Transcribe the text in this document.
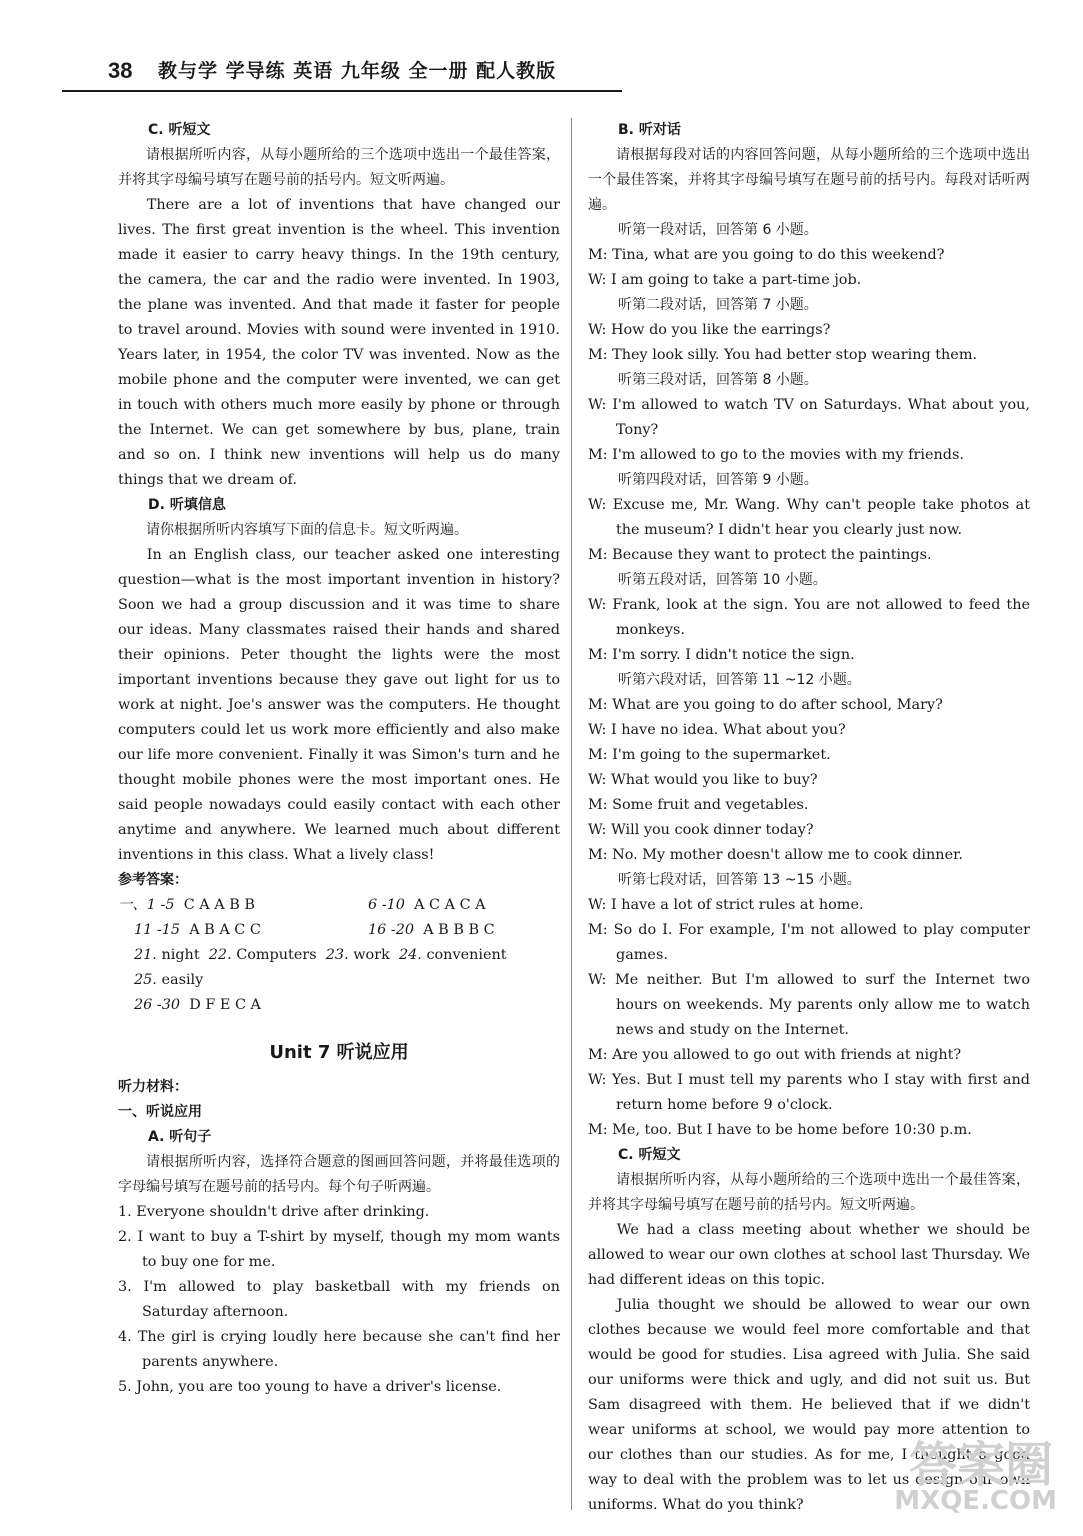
38 教与学 学导练 英语 九年级 全一册 配人教版

C. 听短文

请根据所听内容，从每小题所给的三个选项中选出一个最佳答案，并将其字母编号填写在题号前的括号内。短文听两遍。

There are a lot of inventions that have changed our lives. The first great invention is the wheel. This invention made it easier to carry heavy things. In the 19th century, the camera, the car and the radio were invented. In 1903, the plane was invented. And that made it faster for people to travel around. Movies with sound were invented in 1910. Years later, in 1954, the color TV was invented. Now as the mobile phone and the computer were invented, we can get in touch with others much more easily by phone or through the Internet. We can get somewhere by bus, plane, train and so on. I think new inventions will help us do many things that we dream of.

D. 听填信息

请你根据所听内容填写下面的信息卡。短文听两遍。

In an English class, our teacher asked one interesting question—what is the most important invention in history? Soon we had a group discussion and it was time to share our ideas. Many classmates raised their hands and shared their opinions. Peter thought the lights were the most important inventions because they gave out light for us to work at night. Joe's answer was the computers. He thought computers could let us work more efficiently and also make our life more convenient. Finally it was Simon's turn and he thought mobile phones were the most important ones. He said people nowadays could easily contact with each other anytime and anywhere. We learned much about different inventions in this class. What a lively class!

参考答案：

一、1 -5 C A A B B	6 -10 A C A C A
11 -15 A B A C C	16 -20 A B B B C
21. night
22. Computers
23. work
24. convenient
25. easily
26 -30 D F E C A

Unit 7 听说应用

听力材料：

一、听说应用

A. 听句子

请根据所听内容，选择符合题意的图画回答问题，并将最佳选项的字母编号填写在题号前的括号内。每个句子听两遍。

1. Everyone shouldn't drive after drinking.

2. I want to buy a T-shirt by myself, though my mom wants to buy one for me.

3. I'm allowed to play basketball with my friends on Saturday afternoon.

4. The girl is crying loudly here because she can't find her parents anywhere.

5. John, you are too young to have a driver's license.

B. 听对话

请根据每段对话的内容回答问题，从每小题所给的三个选项中选出一个最佳答案，并将其字母编号填写在题号前的括号内。每段对话听两遍。

听第一段对话，回答第 6 小题。

M: Tina, what are you going to do this weekend?

W: I am going to take a part-time job.

听第二段对话，回答第 7 小题。

W: How do you like the earrings?

M: They look silly. You had better stop wearing them.

听第三段对话，回答第 8 小题。

W: I'm allowed to watch TV on Saturdays. What about you, Tony?

M: I'm allowed to go to the movies with my friends.

听第四段对话，回答第 9 小题。

W: Excuse me, Mr. Wang. Why can't people take photos at the museum? I didn't hear you clearly just now.

M: Because they want to protect the paintings.

听第五段对话，回答第 10 小题。

W: Frank, look at the sign. You are not allowed to feed the monkeys.

M: I'm sorry. I didn't notice the sign.

听第六段对话，回答第 11 ~12 小题。

M: What are you going to do after school, Mary?

W: I have no idea. What about you?

M: I'm going to the supermarket.

W: What would you like to buy?

M: Some fruit and vegetables.

W: Will you cook dinner today?

M: No. My mother doesn't allow me to cook dinner.

听第七段对话，回答第 13 ~15 小题。

W: I have a lot of strict rules at home.

M: So do I. For example, I'm not allowed to play computer games.

W: Me neither. But I'm allowed to surf the Internet two hours on weekends. My parents only allow me to watch news and study on the Internet.

M: Are you allowed to go out with friends at night?

W: Yes. But I must tell my parents who I stay with first and return home before 9 o'clock.

M: Me, too. But I have to be home before 10:30 p.m.

C. 听短文

请根据所听内容，从每小题所给的三个选项中选出一个最佳答案，并将其字母编号填写在题号前的括号内。短文听两遍。

We had a class meeting about whether we should be allowed to wear our own clothes at school last Thursday. We had different ideas on this topic.

Julia thought we should be allowed to wear our own clothes because we would feel more comfortable and that would be good for studies. Lisa agreed with Julia. She said our uniforms were thick and ugly, and did not suit us. But Sam disagreed with them. He believed that if we didn't wear uniforms at school, we would pay more attention to our clothes than our studies. As for me, I thought a good way to deal with the problem was to let us design our own uniforms. What do you think?

答案圈
MXQE.COM
